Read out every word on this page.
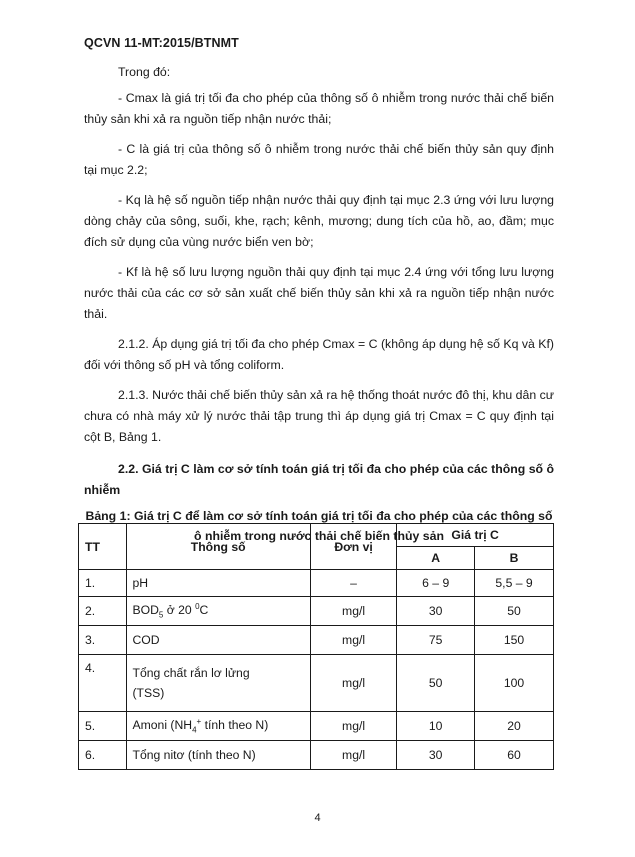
QCVN 11-MT:2015/BTNMT

Trong đó:

- Cmax là giá trị tối đa cho phép của thông số ô nhiễm trong nước thải chế biến thủy sản khi xả ra nguồn tiếp nhận nước thải;

- C là giá trị của thông số ô nhiễm trong nước thải chế biến thủy sản quy định tại mục 2.2;

- Kq là hệ số nguồn tiếp nhận nước thải quy định tại mục 2.3 ứng với lưu lượng dòng chảy của sông, suối, khe, rạch; kênh, mương; dung tích của hồ, ao, đầm; mục đích sử dụng của vùng nước biển ven bờ;

- Kf là hệ số lưu lượng nguồn thải quy định tại mục 2.4 ứng với tổng lưu lượng nước thải của các cơ sở sản xuất chế biến thủy sản khi xả ra nguồn tiếp nhận nước thải.

2.1.2. Áp dụng giá trị tối đa cho phép Cmax = C (không áp dụng hệ số Kq và Kf) đối với thông số pH và tổng coliform.

2.1.3. Nước thải chế biến thủy sản xả ra hệ thống thoát nước đô thị, khu dân cư chưa có nhà máy xử lý nước thải tập trung thì áp dụng giá trị Cmax = C quy định tại cột B, Bảng 1.

2.2. Giá trị C làm cơ sở tính toán giá trị tối đa cho phép của các thông số ô nhiễm

Bảng 1: Giá trị C để làm cơ sở tính toán giá trị tối đa cho phép của các thông số ô nhiễm trong nước thải chế biến thủy sản

TT	Thông số	Đơn vị	Giá trị C	
			A	B
1.	pH	–	6 – 9	5,5 – 9
2.	$BOD_5$ ở 20 $^0$C	mg/l	30	50
3.	COD	mg/l	75	150
4.	Tổng chất rắn lơ lửng
(TSS)	mg/l	50	100
5.	Amoni ($NH_4^+$ tính theo N)	mg/l	10	20
6.	Tổng nitơ (tính theo N)	mg/l	30	60
4
